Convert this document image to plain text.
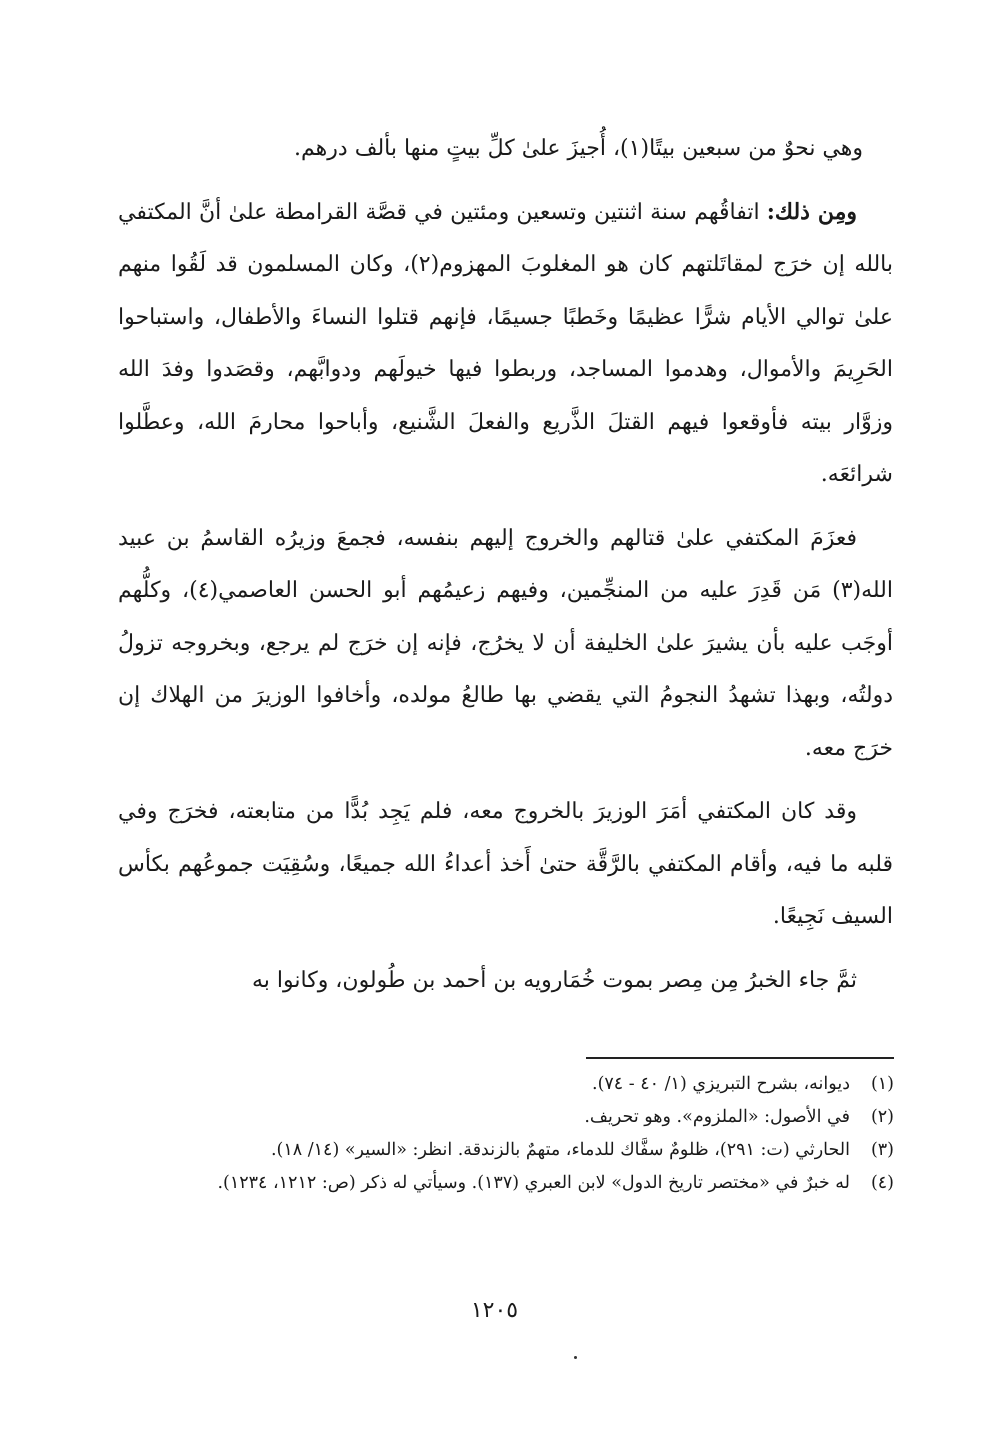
وهي نحوٌ من سبعين بيتًا(١)، أُجيزَ علىٰ كلِّ بيتٍ منها بألف درهم.

ومِن ذلك: اتفاقُهم سنة اثنتين وتسعين ومئتين في قصَّة القرامطة علىٰ أنَّ المكتفي بالله إن خرَج لمقاتَلتهم كان هو المغلوبَ المهزوم(٢)، وكان المسلمون قد لَقُوا منهم علىٰ توالي الأيام شرًّا عظيمًا وخَطبًا جسيمًا، فإنهم قتلوا النساءَ والأطفال، واستباحوا الحَرِيمَ والأموال، وهدموا المساجد، وربطوا فيها خيولَهم ودوابَّهم، وقصَدوا وفدَ الله وزوَّار بيته فأوقعوا فيهم القتلَ الذَّريع والفعلَ الشَّنيع، وأباحوا محارمَ الله، وعطَّلوا شرائعَه.

فعزَمَ المكتفي علىٰ قتالهم والخروج إليهم بنفسه، فجمعَ وزيرُه القاسمُ بن عبيد الله(٣) مَن قَدِرَ عليه من المنجِّمين، وفيهم زعيمُهم أبو الحسن العاصمي(٤)، وكلُّهم أوجَب عليه بأن يشيرَ علىٰ الخليفة أن لا يخرُج، فإنه إن خرَج لم يرجع، وبخروجه تزولُ دولتُه، وبهذا تشهدُ النجومُ التي يقضي بها طالعُ مولده، وأخافوا الوزيرَ من الهلاك إن خرَج معه.

وقد كان المكتفي أمَرَ الوزيرَ بالخروج معه، فلم يَجِد بُدًّا من متابعته، فخرَج وفي قلبه ما فيه، وأقام المكتفي بالرَّقَّة حتىٰ أَخذ أعداءُ الله جميعًا، وسُقِيَت جموعُهم بكأس السيف نَجِيعًا.

ثمَّ جاء الخبرُ مِن مِصر بموت خُمَارويه بن أحمد بن طُولون، وكانوا به

(١)
ديوانه، بشرح التبريزي (١/ ٤٠ - ٧٤).
(٢)
في الأصول: «الملزوم». وهو تحريف.
(٣)
الحارثي (ت: ٢٩١)، ظلومٌ سفَّاك للدماء، متهمٌ بالزندقة. انظر: «السير» (١٤/ ١٨).
(٤)
له خبرٌ في «مختصر تاريخ الدول» لابن العبري (١٣٧). وسيأتي له ذكر (ص: ١٢١٢، ١٢٣٤).
١٢٠٥
